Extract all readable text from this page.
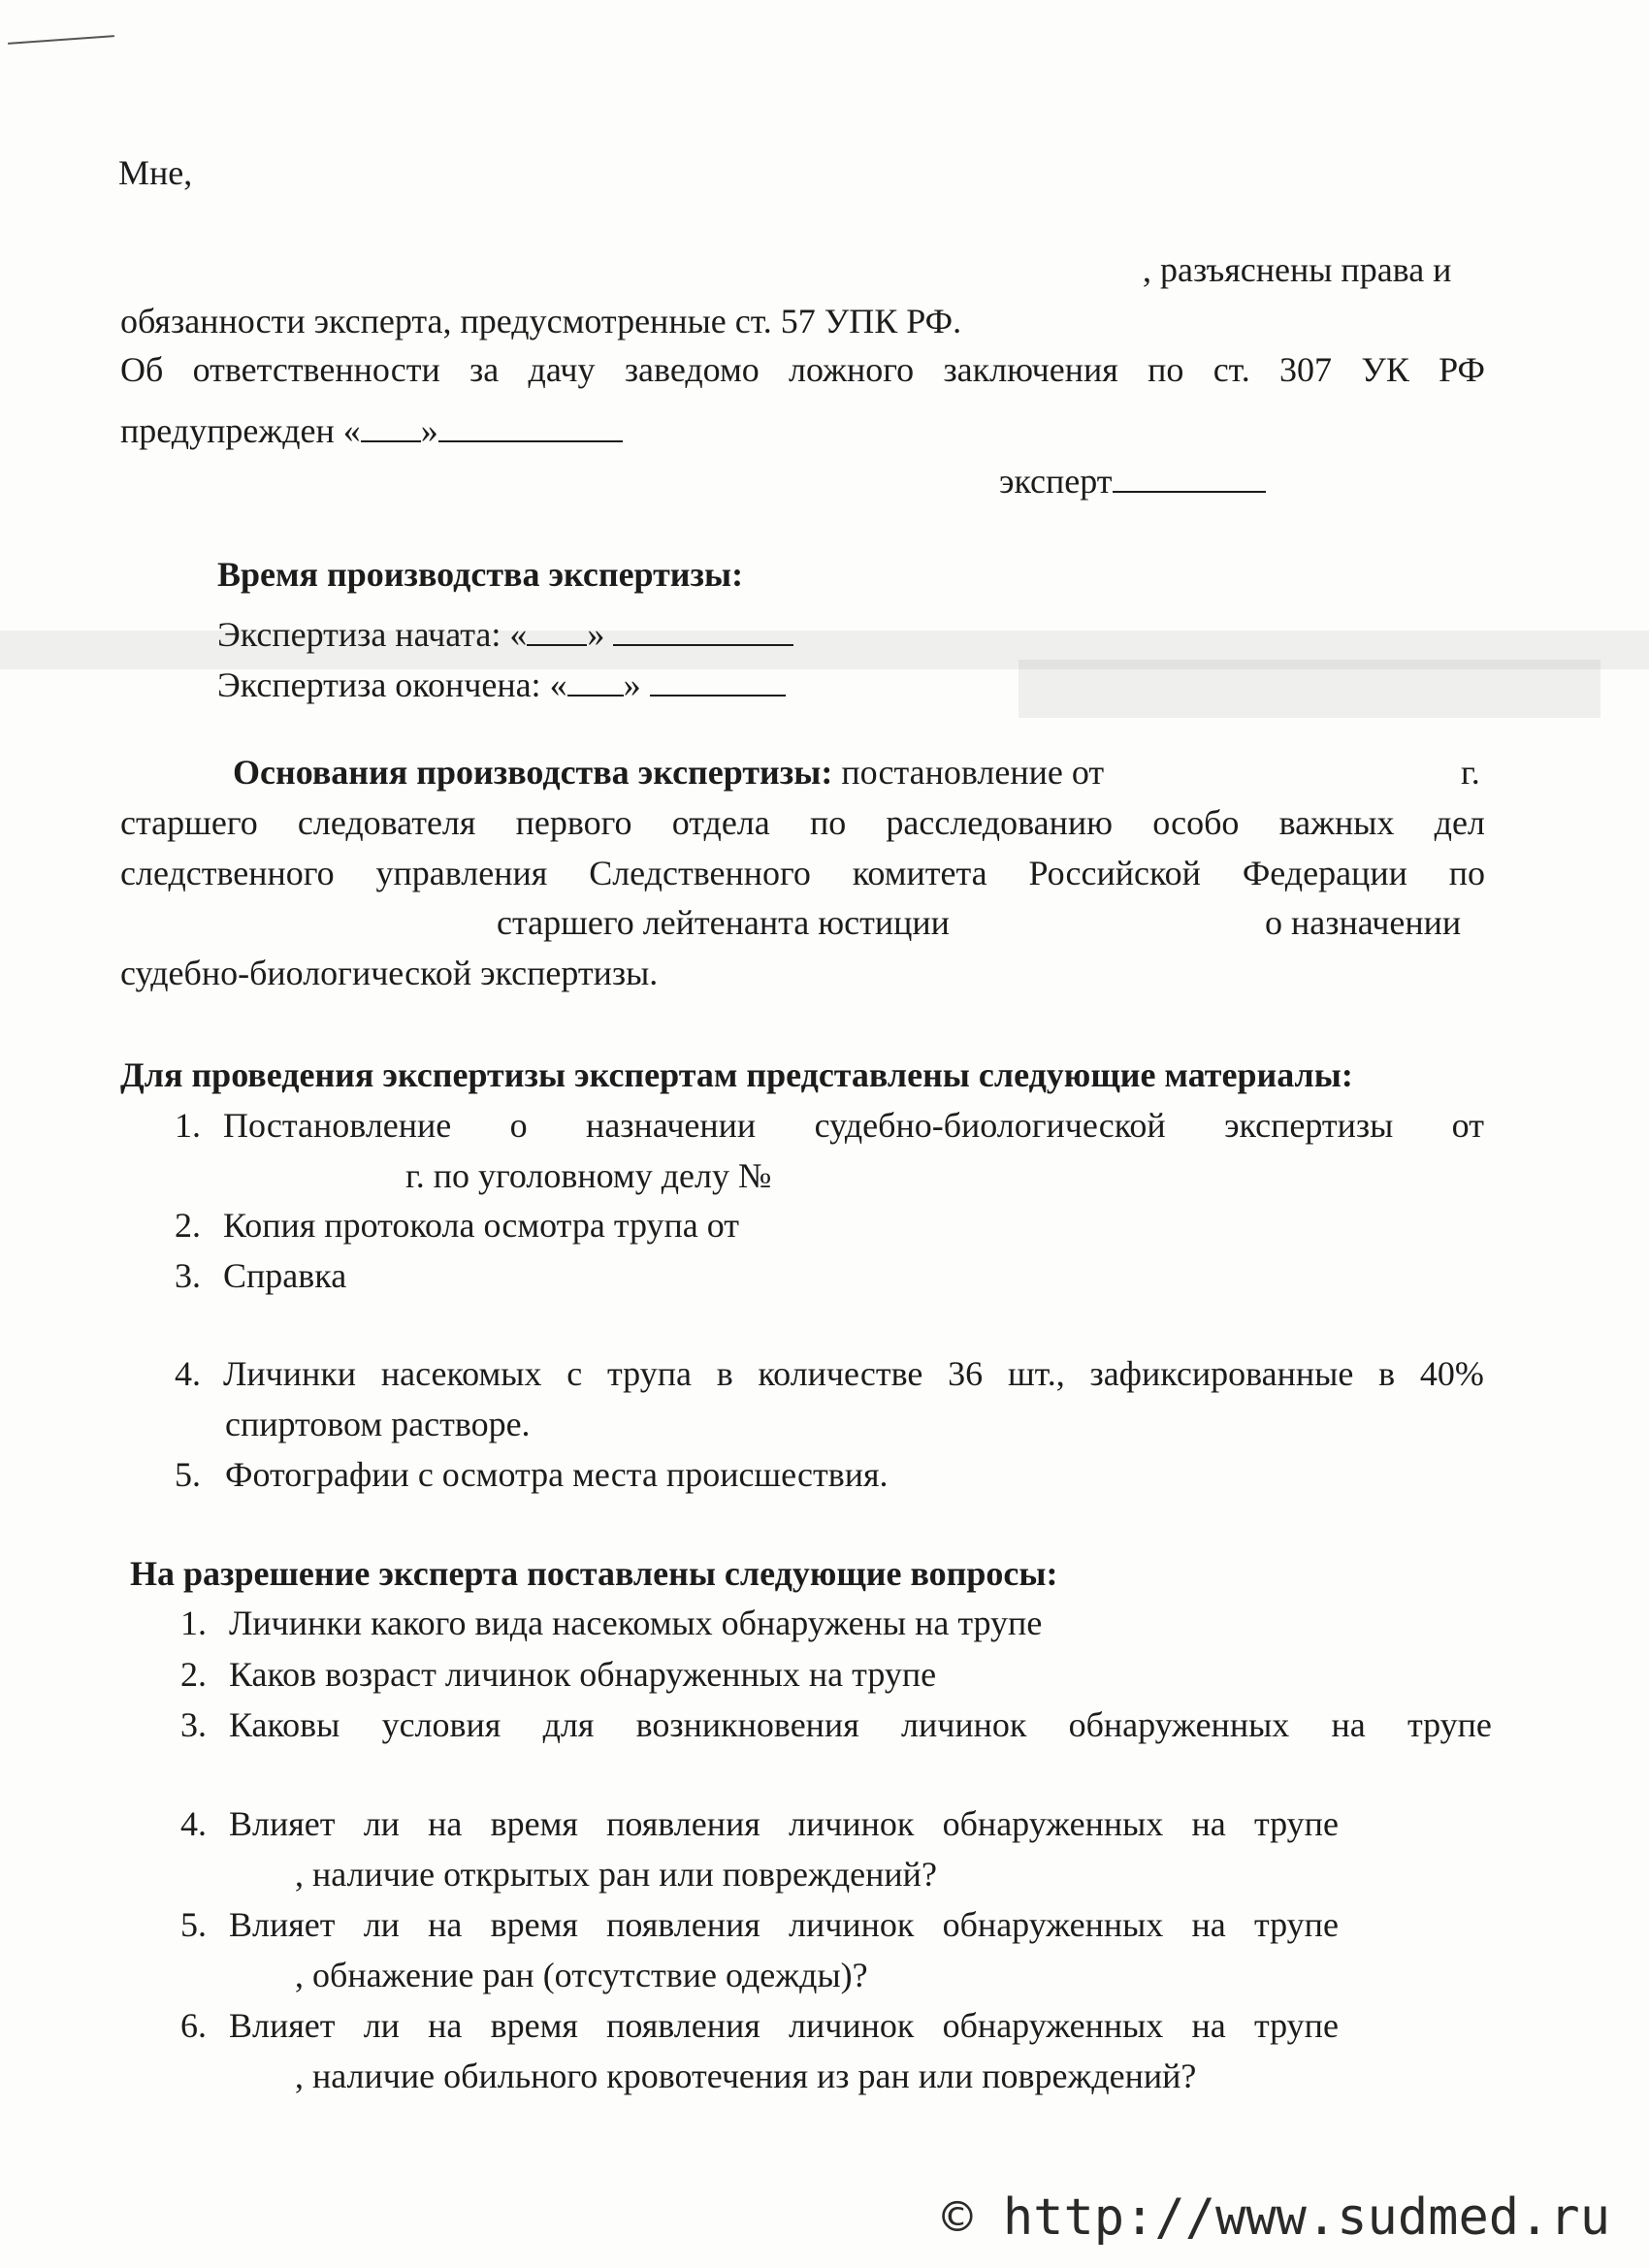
Мне,
, разъяснены права и
обязанности эксперта, предусмотренные ст. 57 УПК РФ.
Об ответственности за дачу заведомо ложного заключения по ст. 307 УК РФ
предупрежден « »
эксперт
Время производства экспертизы:
Экспертиза начата: « »
Экспертиза окончена: « »
Основания производства экспертизы: постановление от	г.
старшего следователя первого отдела по расследованию особо важных дел
следственного управления Следственного комитета Российской Федерации по
старшего лейтенанта юстиции	о назначении
судебно-биологической экспертизы.
Для проведения экспертизы экспертам представлены следующие материалы:
1. Постановление о назначении судебно-биологической экспертизы от
г. по уголовному делу №
2. Копия протокола осмотра трупа от
3. Справка
4. Личинки насекомых с трупа в количестве 36 шт., зафиксированные в 40%
спиртовом растворе.
5. Фотографии с осмотра места происшествия.
На разрешение эксперта поставлены следующие вопросы:
1. Личинки какого вида насекомых обнаружены на трупе
2. Каков возраст личинок обнаруженных на трупе
3. Каковы условия для возникновения личинок обнаруженных на трупе
4. Влияет ли на время появления личинок обнаруженных на трупе
, наличие открытых ран или повреждений?
5. Влияет ли на время появления личинок обнаруженных на трупе
, обнажение ран (отсутствие одежды)?
6. Влияет ли на время появления личинок обнаруженных на трупе
, наличие обильного кровотечения из ран или повреждений?
© http://www.sudmed.ru
